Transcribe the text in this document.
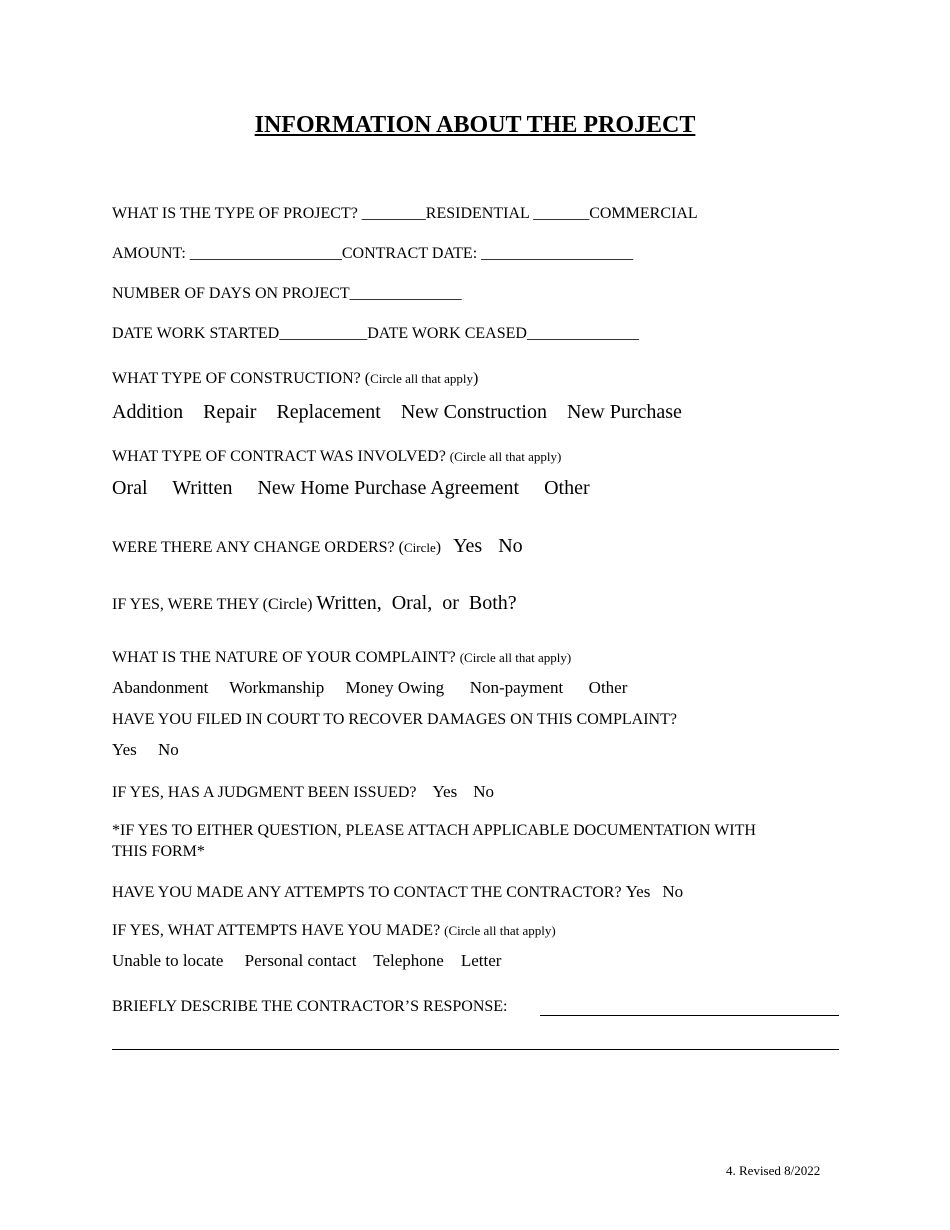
INFORMATION ABOUT THE PROJECT
WHAT IS THE TYPE OF PROJECT? ________RESIDENTIAL _______COMMERCIAL
AMOUNT: ___________________CONTRACT DATE: ___________________
NUMBER OF DAYS ON PROJECT______________
DATE WORK STARTED___________DATE WORK CEASED______________
WHAT TYPE OF CONSTRUCTION? (Circle all that apply)
Addition Repair Replacement New Construction New Purchase
WHAT TYPE OF CONTRACT WAS INVOLVED? (Circle all that apply)
Oral Written New Home Purchase Agreement Other
WERE THERE ANY CHANGE ORDERS? (Circle) Yes No
IF YES, WERE THEY (Circle) Written,  Oral,  or  Both?
WHAT IS THE NATURE OF YOUR COMPLAINT? (Circle all that apply)
Abandonment Workmanship Money Owing Non-payment Other
HAVE YOU FILED IN COURT TO RECOVER DAMAGES ON THIS COMPLAINT?
Yes No
IF YES, HAS A JUDGMENT BEEN ISSUED? Yes No
*IF YES TO EITHER QUESTION, PLEASE ATTACH APPLICABLE DOCUMENTATION WITH
THIS FORM*
HAVE YOU MADE ANY ATTEMPTS TO CONTACT THE CONTRACTOR? Yes No
IF YES, WHAT ATTEMPTS HAVE YOU MADE? (Circle all that apply)
Unable to locate Personal contact Telephone Letter
BRIEFLY DESCRIBE THE CONTRACTOR’S RESPONSE:
4. Revised 8/2022
